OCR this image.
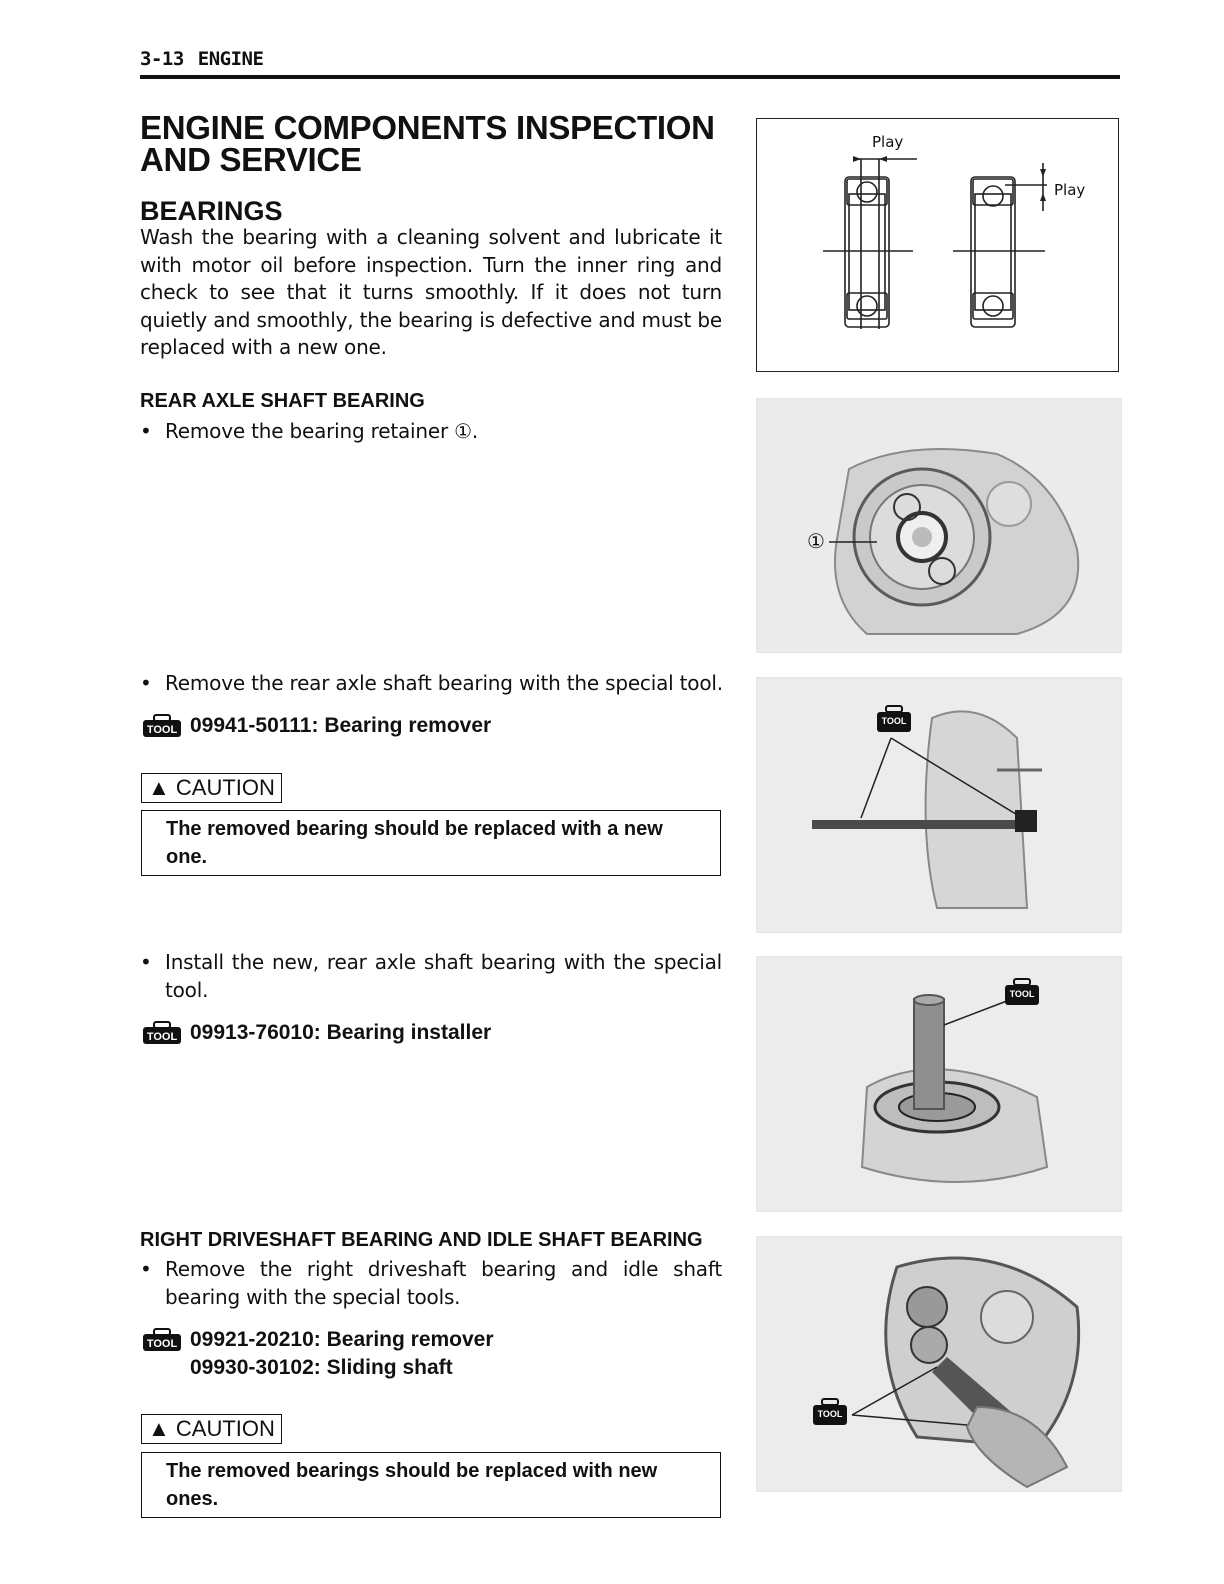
3-13 ENGINE
ENGINE COMPONENTS INSPECTION
AND SERVICE
BEARINGS
Wash the bearing with a cleaning solvent and lubricate it with motor oil before inspection. Turn the inner ring and check to see that it turns smoothly. If it does not turn quietly and smoothly, the bearing is defective and must be replaced with a new one.
Play
Play
REAR AXLE SHAFT BEARING
• Remove the bearing retainer ①.
①
• Remove the rear axle shaft bearing with the special tool.
TOOL 09941-50111: Bearing remover
▲ CAUTION
The removed bearing should be replaced with a new one.
TOOL
• Install the new, rear axle shaft bearing with the special tool.
TOOL 09913-76010: Bearing installer
TOOL
RIGHT DRIVESHAFT BEARING AND IDLE SHAFT BEARING
• Remove the right driveshaft bearing and idle shaft bearing with the special tools.
TOOL 09921-20210: Bearing remover
09930-30102: Sliding shaft
▲ CAUTION
The removed bearings should be replaced with new ones.
TOOL
